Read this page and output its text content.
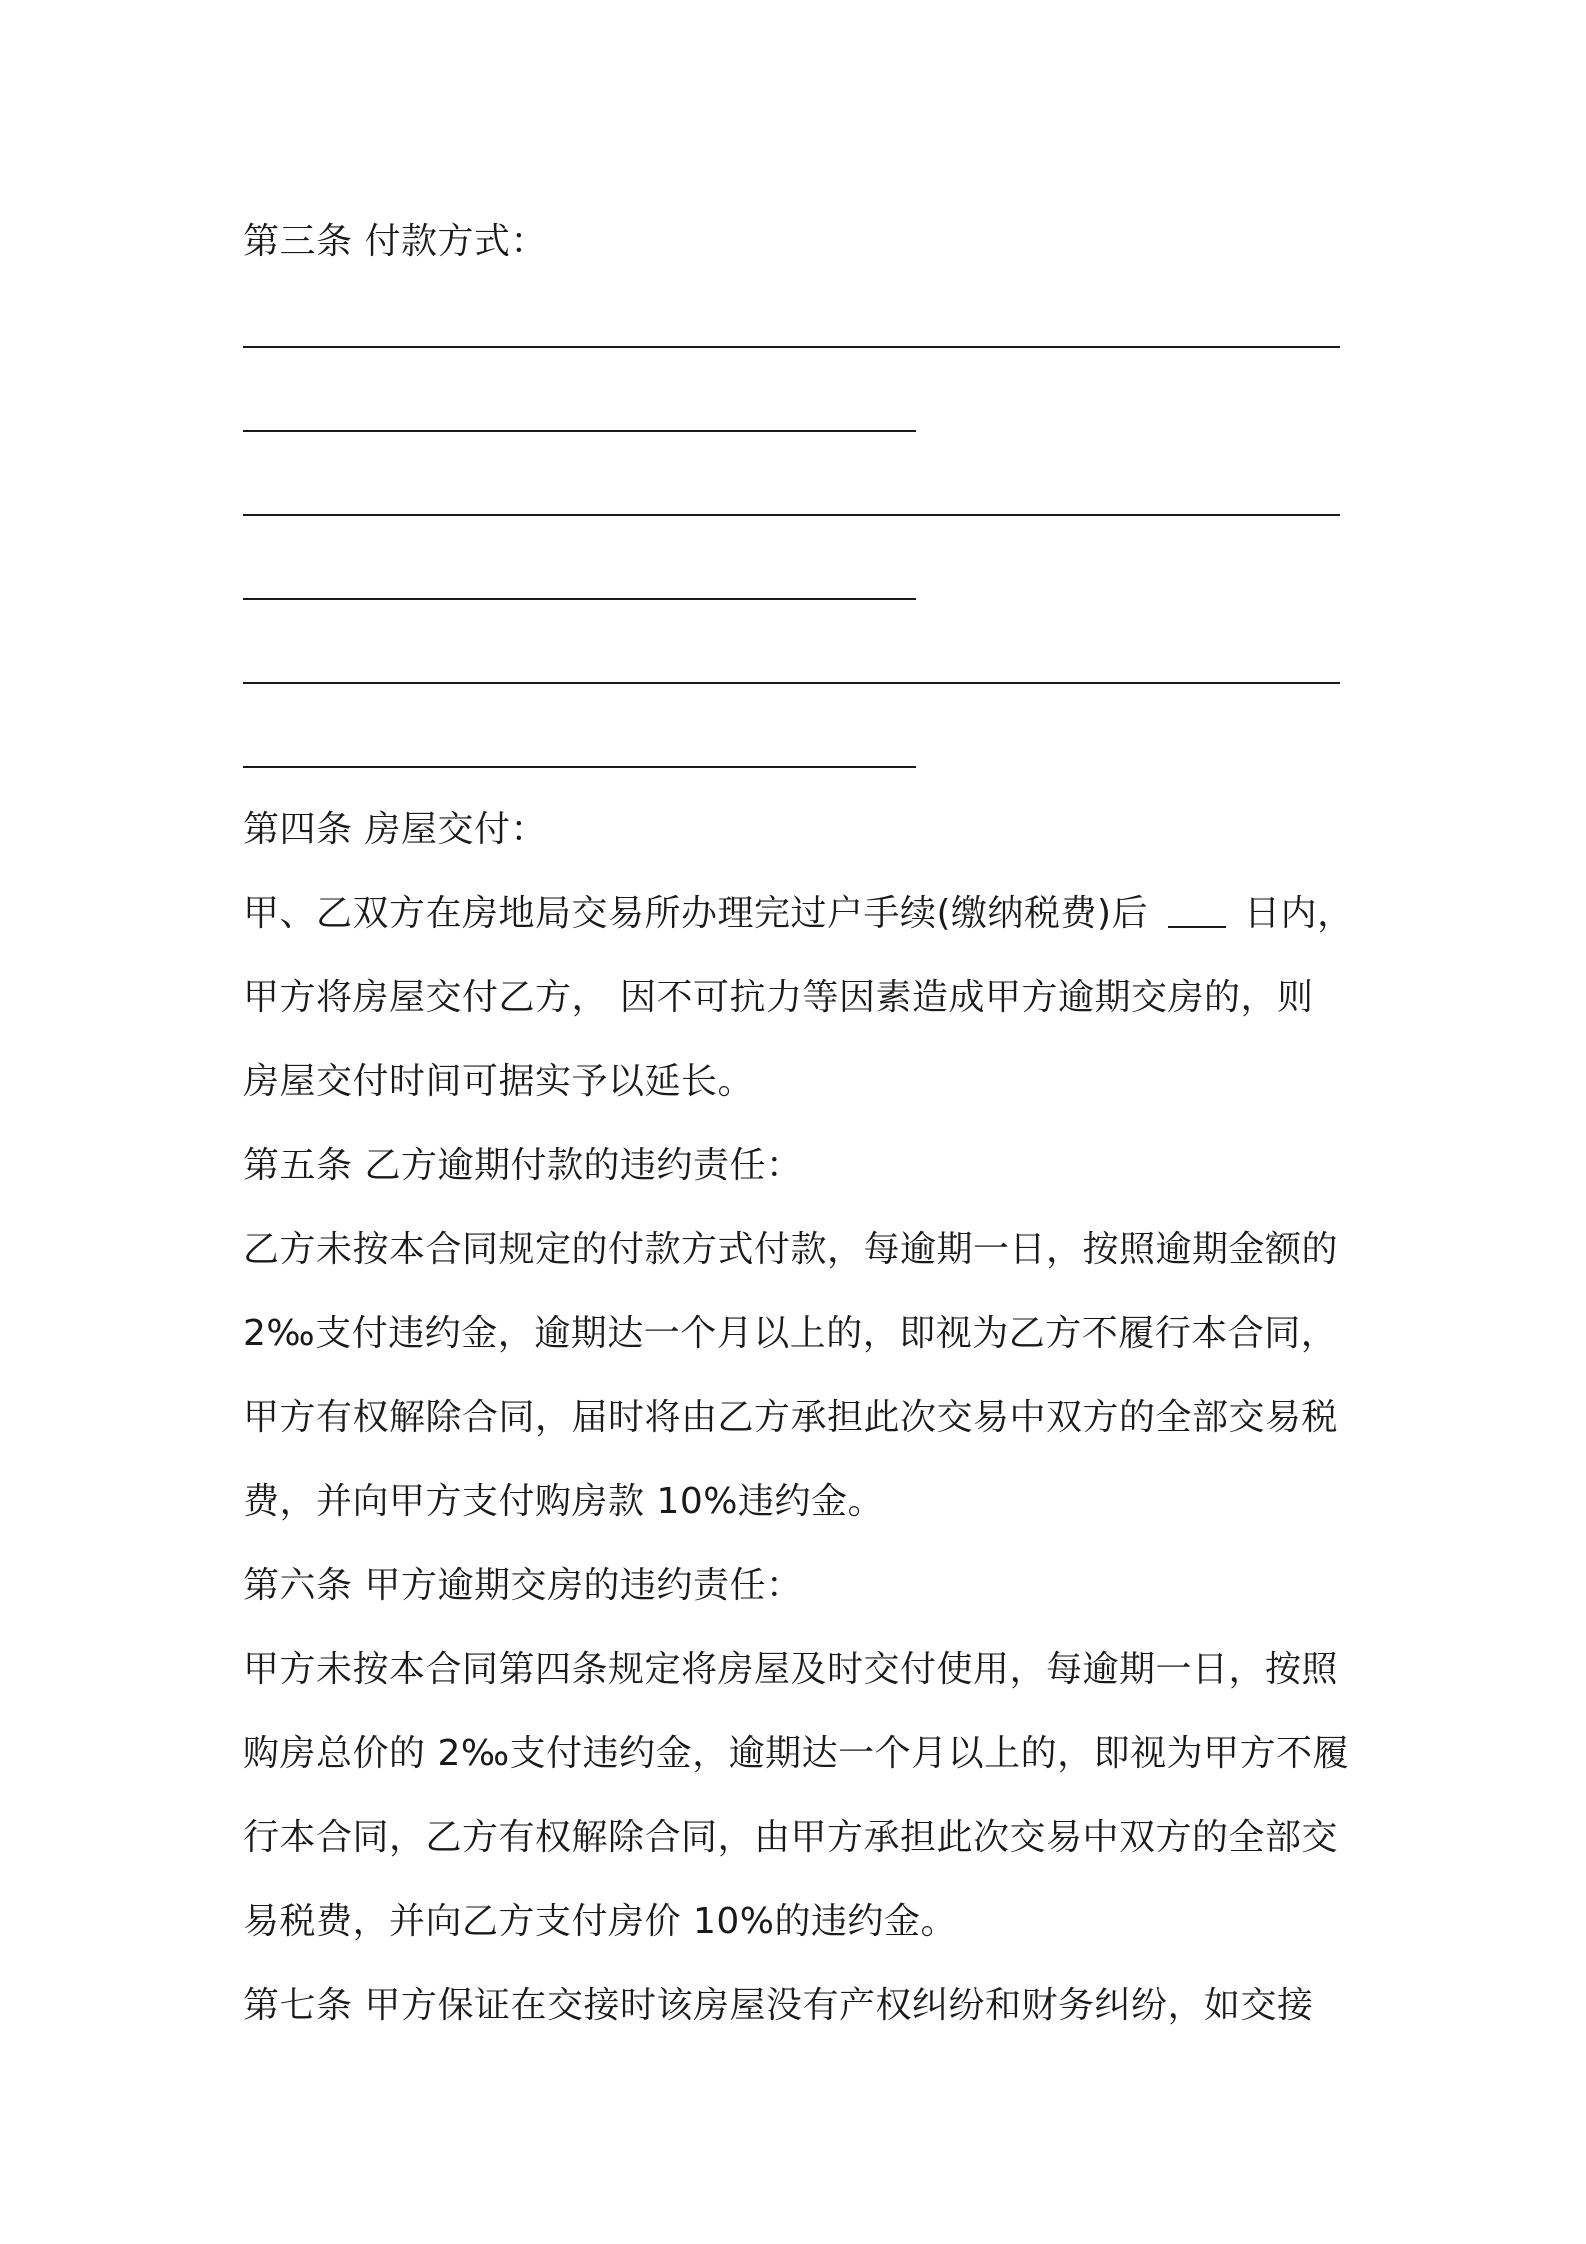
第三条 付款方式：
第四条 房屋交付：
甲、乙双方在房地局交易所办理完过户手续(缴纳税费)后	日内，
甲方将房屋交付乙方， 因不可抗力等因素造成甲方逾期交房的，则
房屋交付时间可据实予以延长。
第五条 乙方逾期付款的违约责任：
乙方未按本合同规定的付款方式付款，每逾期一日，按照逾期金额的
2‰支付违约金，逾期达一个月以上的，即视为乙方不履行本合同，
甲方有权解除合同，届时将由乙方承担此次交易中双方的全部交易税
费，并向甲方支付购房款 10%违约金。
第六条 甲方逾期交房的违约责任：
甲方未按本合同第四条规定将房屋及时交付使用，每逾期一日，按照
购房总价的 2‰支付违约金，逾期达一个月以上的，即视为甲方不履
行本合同，乙方有权解除合同，由甲方承担此次交易中双方的全部交
易税费，并向乙方支付房价 10%的违约金。
第七条 甲方保证在交接时该房屋没有产权纠纷和财务纠纷，如交接
